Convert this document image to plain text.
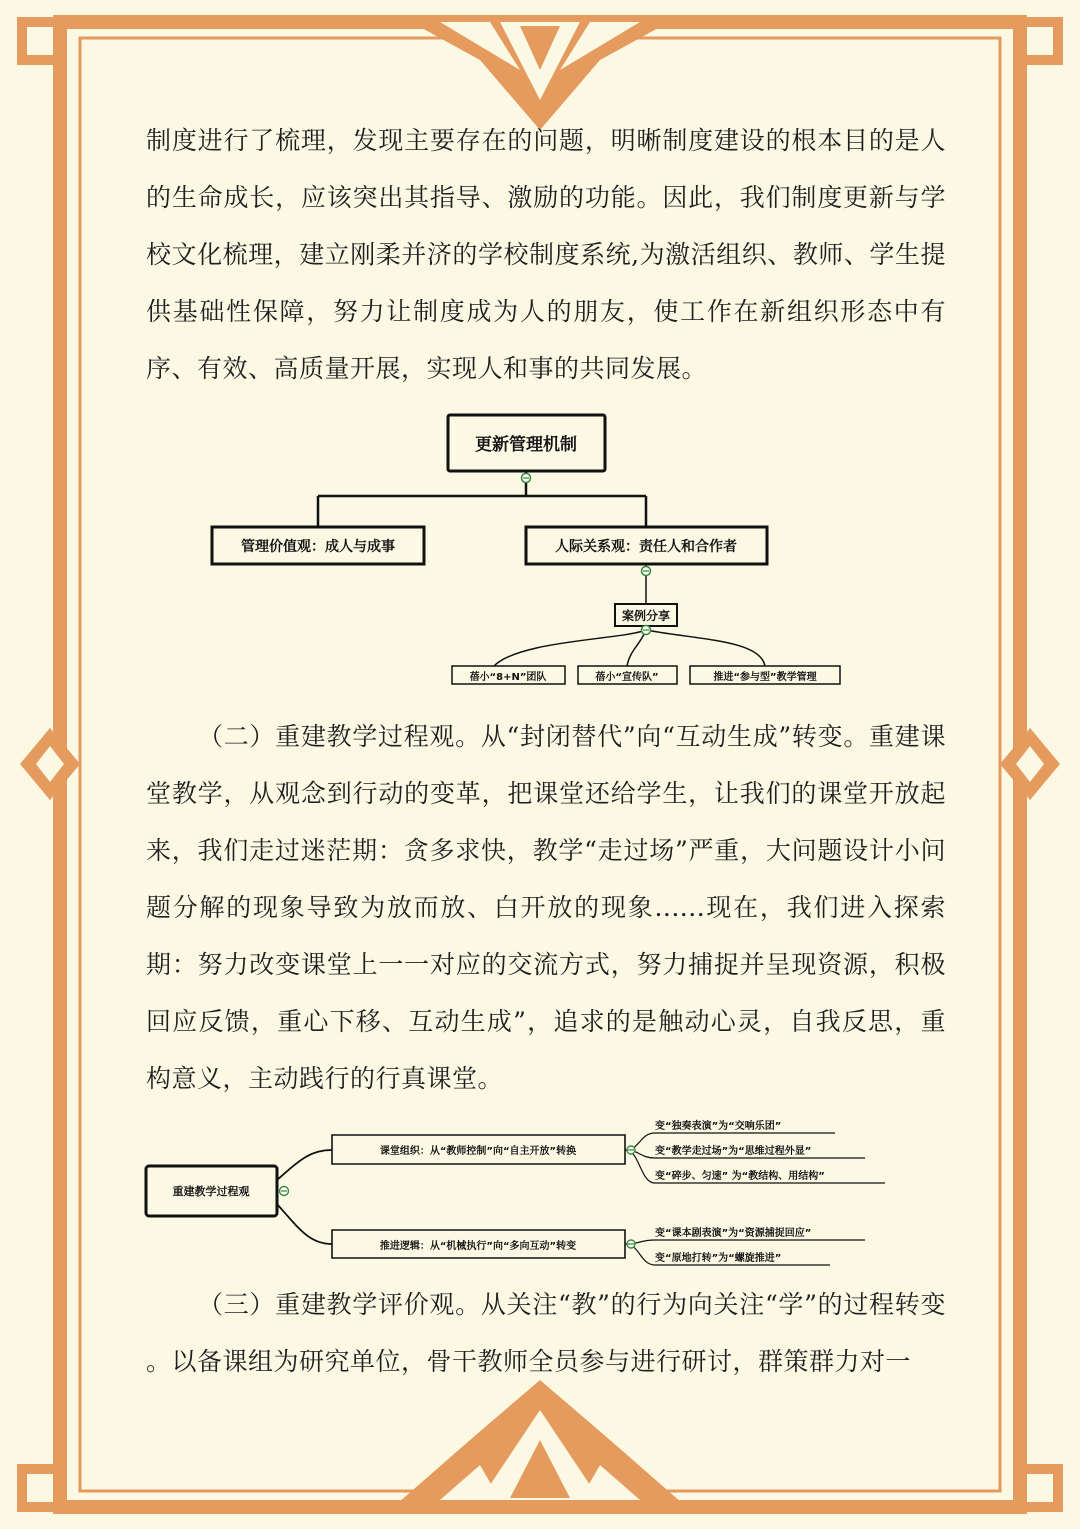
制度进行了梳理，发现主要存在的问题，明晰制度建设的根本目的是人的生命成长，应该突出其指导、激励的功能。因此，我们制度更新与学校文化梳理，建立刚柔并济的学校制度系统,为激活组织、教师、学生提供基础性保障，努力让制度成为人的朋友，使工作在新组织形态中有序、有效、高质量开展，实现人和事的共同发展。

更新管理机制
管理价值观：成人与成事	人际关系观：责任人和合作者
案例分享
蓓小“8+N”团队	蓓小“宣传队”	推进“参与型”教学管理

（二）重建教学过程观。从“封闭替代”向“互动生成”转变。重建课堂教学，从观念到行动的变革，把课堂还给学生，让我们的课堂开放起来，我们走过迷茫期：贪多求快，教学“走过场”严重，大问题设计小问题分解的现象导致为放而放、白开放的现象......现在，我们进入探索期：努力改变课堂上一一对应的交流方式，努力捕捉并呈现资源，积极回应反馈，重心下移、互动生成”，追求的是触动心灵，自我反思，重构意义，主动践行的行真课堂。

重建教学过程观
课堂组织：从“教师控制”向“自主开放”转换
推进逻辑：从“机械执行”向“多向互动”转变
变“独奏表演”为“交响乐团”
变“教学走过场”为“思维过程外显”
变“碎步、匀速” 为“教结构、用结构”
变“课本剧表演”为“资源捕捉回应”
变“原地打转”为“螺旋推进”

（三）重建教学评价观。从关注“教”的行为向关注“学”的过程转变 。以备课组为研究单位，骨干教师全员参与进行研讨，群策群力对一
